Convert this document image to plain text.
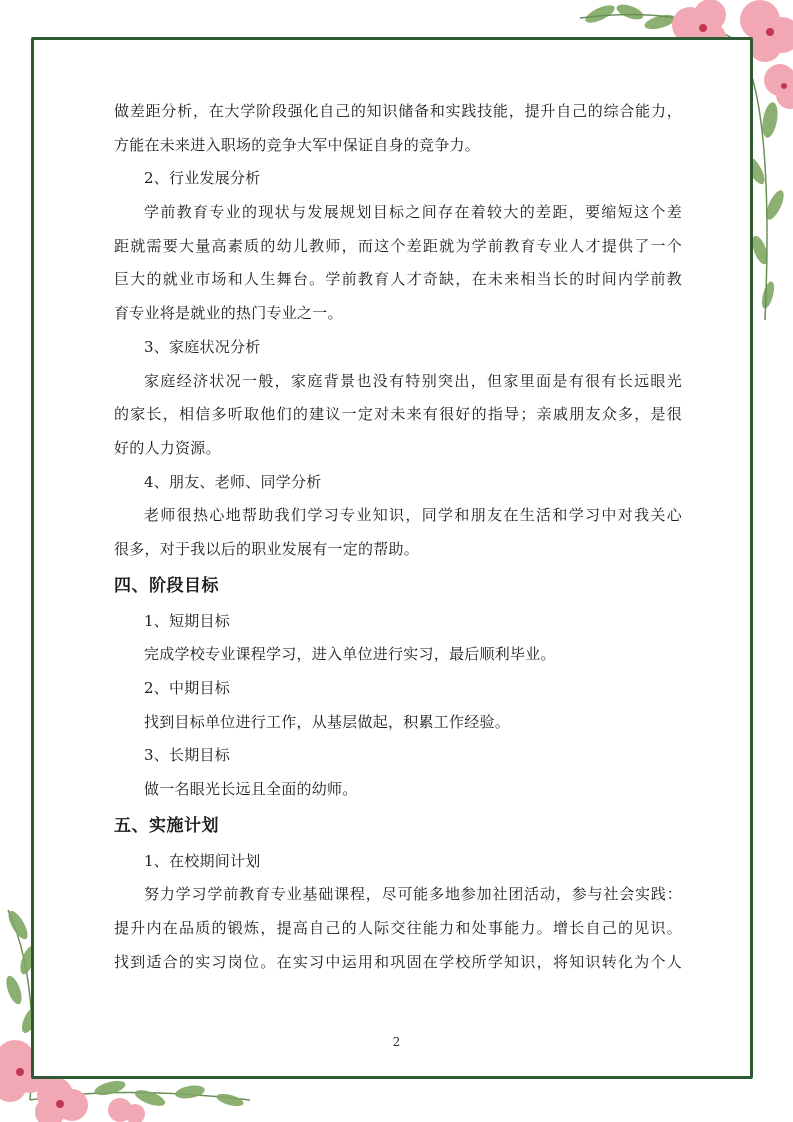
做差距分析，在大学阶段强化自己的知识储备和实践技能，提升自己的综合能力，

方能在未来进入职场的竞争大军中保证自身的竞争力。

2、行业发展分析

学前教育专业的现状与发展规划目标之间存在着较大的差距，要缩短这个差

距就需要大量高素质的幼儿教师，而这个差距就为学前教育专业人才提供了一个

巨大的就业市场和人生舞台。学前教育人才奇缺，在未来相当长的时间内学前教

育专业将是就业的热门专业之一。

3、家庭状况分析

家庭经济状况一般，家庭背景也没有特别突出，但家里面是有很有长远眼光

的家长，相信多听取他们的建议一定对未来有很好的指导；亲戚朋友众多，是很

好的人力资源。

4、朋友、老师、同学分析

老师很热心地帮助我们学习专业知识，同学和朋友在生活和学习中对我关心

很多，对于我以后的职业发展有一定的帮助。

四、阶段目标

1、短期目标

完成学校专业课程学习，进入单位进行实习，最后顺利毕业。

2、中期目标

找到目标单位进行工作，从基层做起，积累工作经验。

3、长期目标

做一名眼光长远且全面的幼师。

五、实施计划

1、在校期间计划

努力学习学前教育专业基础课程，尽可能多地参加社团活动，参与社会实践：

提升内在品质的锻炼，提高自己的人际交往能力和处事能力。增长自己的见识。

找到适合的实习岗位。在实习中运用和巩固在学校所学知识，将知识转化为个人

2
